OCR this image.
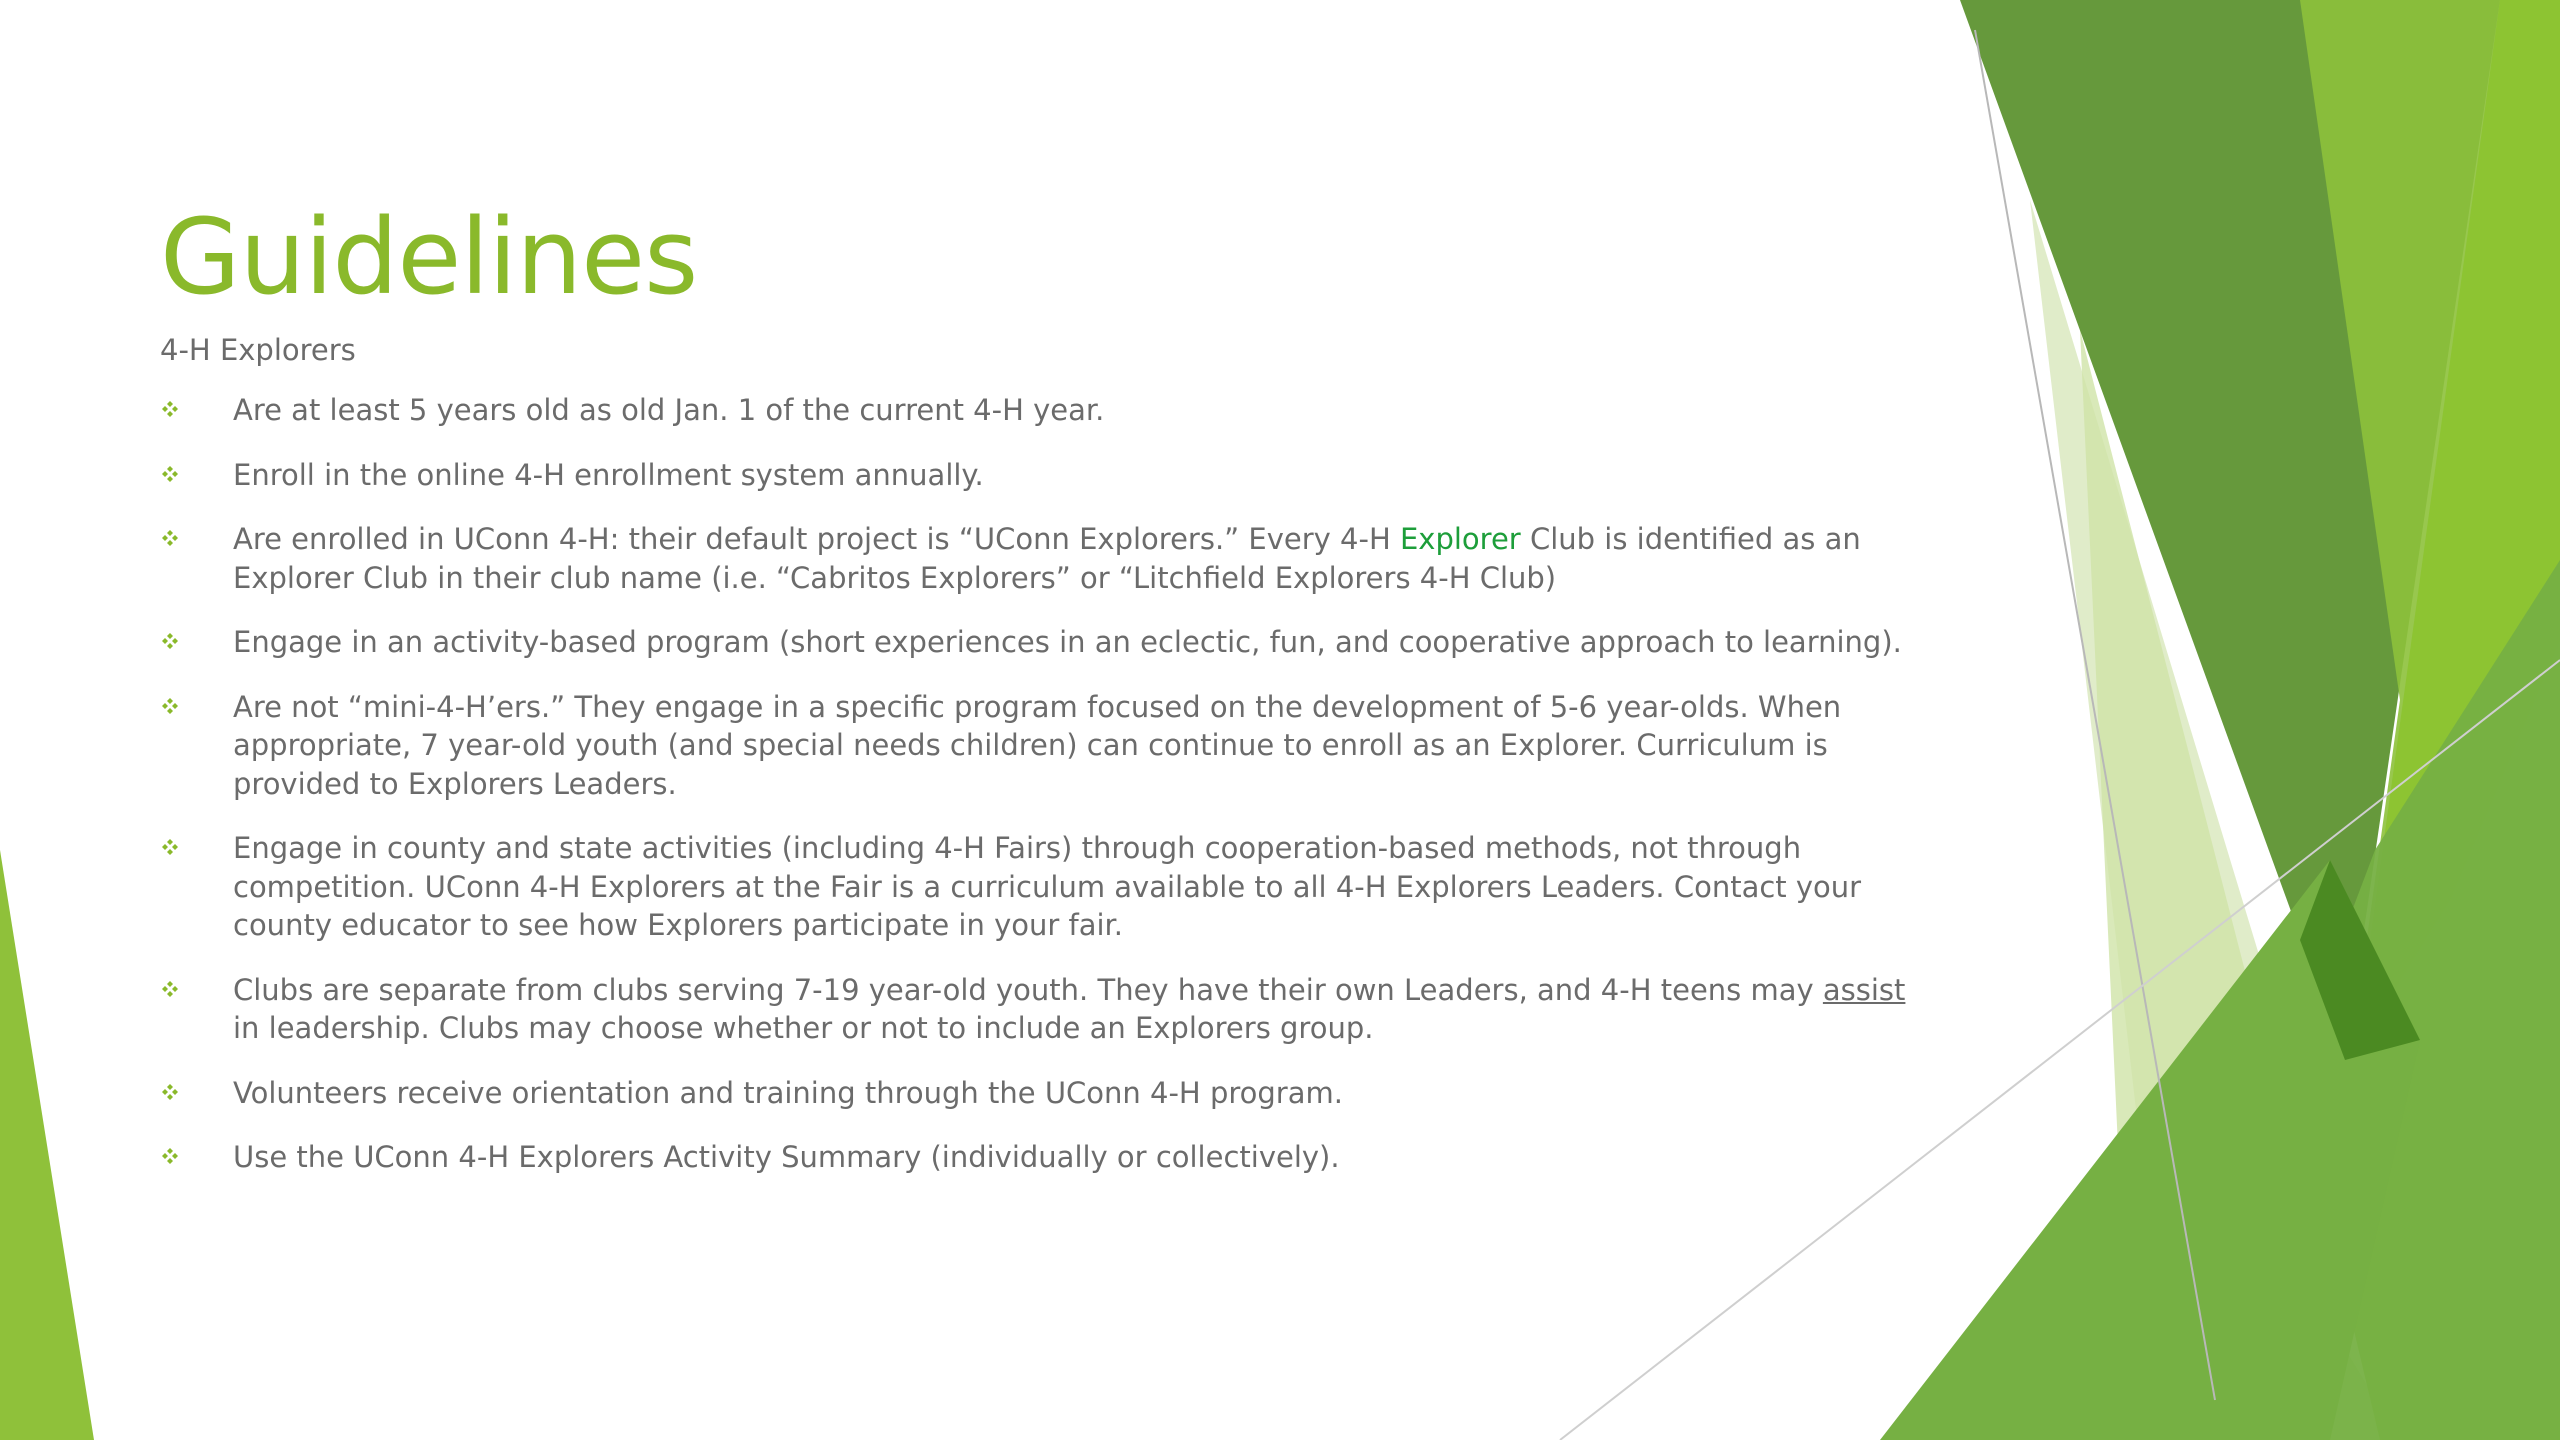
Guidelines
4-H Explorers
Are at least 5 years old as old Jan. 1 of the current 4-H year.
Enroll in the online 4-H enrollment system annually.
Are enrolled in UConn 4-H: their default project is “UConn Explorers.” Every 4-H Explorer Club is identified as an Explorer Club in their club name (i.e. “Cabritos Explorers” or “Litchfield Explorers 4-H Club)
Engage in an activity-based program (short experiences in an eclectic, fun, and cooperative approach to learning).
Are not “mini-4-H’ers.” They engage in a specific program focused on the development of 5-6 year-olds. When appropriate, 7 year-old youth (and special needs children) can continue to enroll as an Explorer. Curriculum is provided to Explorers Leaders.
Engage in county and state activities (including 4-H Fairs) through cooperation-based methods, not through competition. UConn 4-H Explorers at the Fair is a curriculum available to all 4-H Explorers Leaders. Contact your county educator to see how Explorers participate in your fair.
Clubs are separate from clubs serving 7-19 year-old youth. They have their own Leaders, and 4-H teens may assist in leadership. Clubs may choose whether or not to include an Explorers group.
Volunteers receive orientation and training through the UConn 4-H program.
Use the UConn 4-H Explorers Activity Summary (individually or collectively).
